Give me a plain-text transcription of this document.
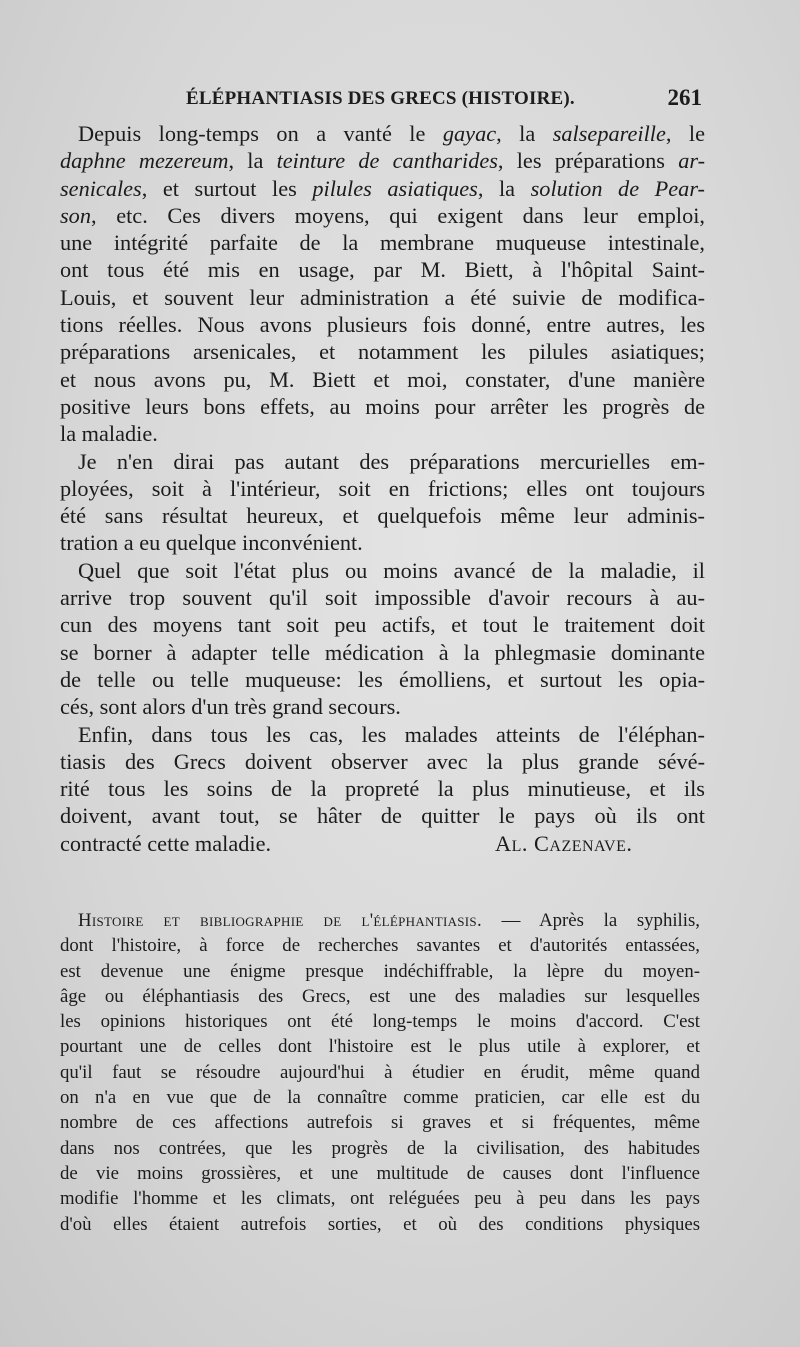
ÉLÉPHANTIASIS DES GRECS (HISTOIRE).	261
Depuis long-temps on a vanté le gayac, la salsepareille, le
daphne mezereum, la teinture de cantharides, les préparations ar-
senicales, et surtout les pilules asiatiques, la solution de Pear-
son, etc. Ces divers moyens, qui exigent dans leur emploi,
une intégrité parfaite de la membrane muqueuse intestinale,
ont tous été mis en usage, par M. Biett, à l'hôpital Saint-
Louis, et souvent leur administration a été suivie de modifica-
tions réelles. Nous avons plusieurs fois donné, entre autres, les
préparations arsenicales, et notamment les pilules asiatiques;
et nous avons pu, M. Biett et moi, constater, d'une manière
positive leurs bons effets, au moins pour arrêter les progrès de
la maladie.
Je n'en dirai pas autant des préparations mercurielles em-
ployées, soit à l'intérieur, soit en frictions; elles ont toujours
été sans résultat heureux, et quelquefois même leur adminis-
tration a eu quelque inconvénient.
Quel que soit l'état plus ou moins avancé de la maladie, il
arrive trop souvent qu'il soit impossible d'avoir recours à au-
cun des moyens tant soit peu actifs, et tout le traitement doit
se borner à adapter telle médication à la phlegmasie dominante
de telle ou telle muqueuse: les émolliens, et surtout les opia-
cés, sont alors d'un très grand secours.
Enfin, dans tous les cas, les malades atteints de l'éléphan-
tiasis des Grecs doivent observer avec la plus grande sévé-
rité tous les soins de la propreté la plus minutieuse, et ils
doivent, avant tout, se hâter de quitter le pays où ils ont
contracté cette maladie.	Al. Cazenave.
Histoire et bibliographie de l'éléphantiasis. — Après la syphilis,
dont l'histoire, à force de recherches savantes et d'autorités entassées,
est devenue une énigme presque indéchiffrable, la lèpre du moyen-
âge ou éléphantiasis des Grecs, est une des maladies sur lesquelles
les opinions historiques ont été long-temps le moins d'accord. C'est
pourtant une de celles dont l'histoire est le plus utile à explorer, et
qu'il faut se résoudre aujourd'hui à étudier en érudit, même quand
on n'a en vue que de la connaître comme praticien, car elle est du
nombre de ces affections autrefois si graves et si fréquentes, même
dans nos contrées, que les progrès de la civilisation, des habitudes
de vie moins grossières, et une multitude de causes dont l'influence
modifie l'homme et les climats, ont reléguées peu à peu dans les pays
d'où elles étaient autrefois sorties, et où des conditions physiques
